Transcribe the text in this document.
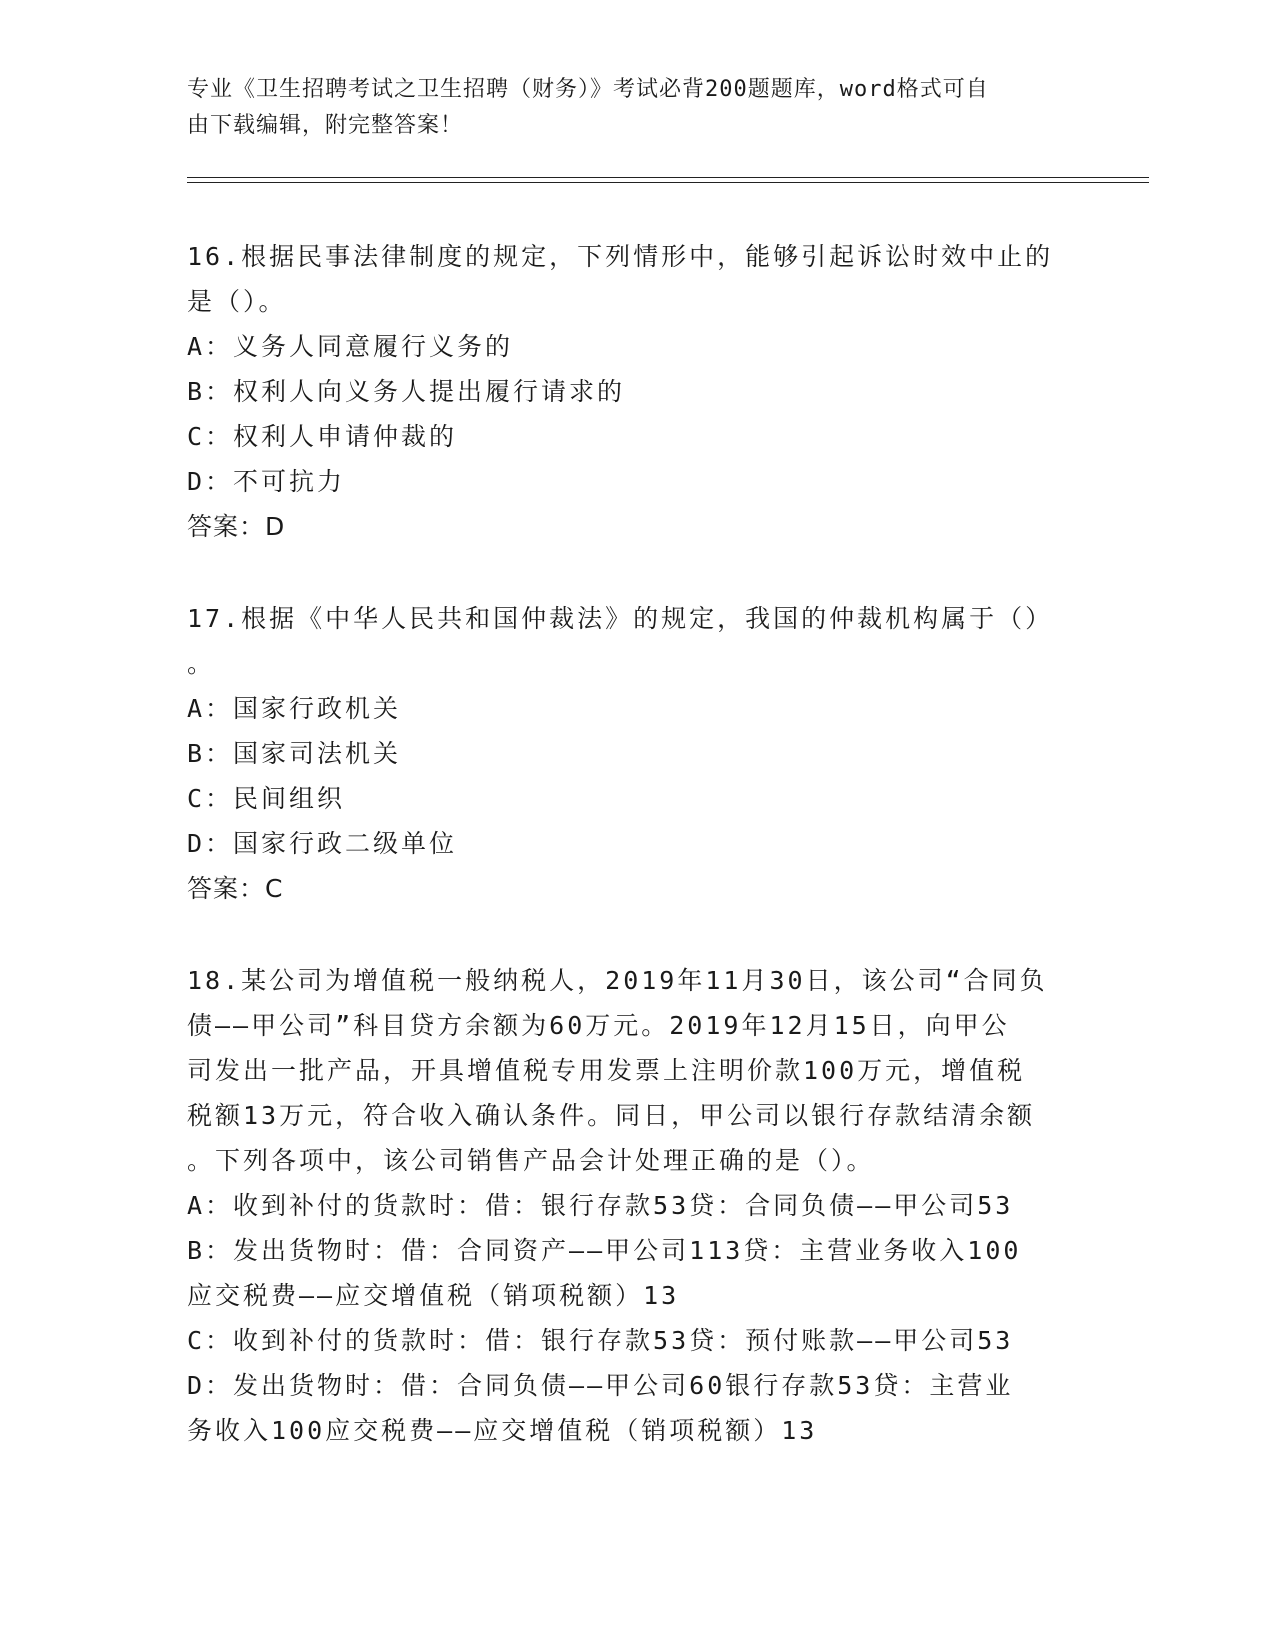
专业《卫生招聘考试之卫生招聘（财务）》考试必背200题题库，word格式可自
由下载编辑，附完整答案！

16.根据民事法律制度的规定，下列情形中，能够引起诉讼时效中止的

是（）。

A：义务人同意履行义务的

B：权利人向义务人提出履行请求的

C：权利人申请仲裁的

D：不可抗力

答案：D

17.根据《中华人民共和国仲裁法》的规定，我国的仲裁机构属于（）

。

A：国家行政机关

B：国家司法机关

C：民间组织

D：国家行政二级单位

答案：C

18.某公司为增值税一般纳税人，2019年11月30日，该公司“合同负

债——甲公司”科目贷方余额为60万元。2019年12月15日，向甲公

司发出一批产品，开具增值税专用发票上注明价款100万元，增值税

税额13万元，符合收入确认条件。同日，甲公司以银行存款结清余额

。下列各项中，该公司销售产品会计处理正确的是（）。

A：收到补付的货款时：借：银行存款53贷：合同负债——甲公司53

B：发出货物时：借：合同资产——甲公司113贷：主营业务收入100

应交税费——应交增值税（销项税额）13

C：收到补付的货款时：借：银行存款53贷：预付账款——甲公司53

D：发出货物时：借：合同负债——甲公司60银行存款53贷：主营业

务收入100应交税费——应交增值税（销项税额）13
